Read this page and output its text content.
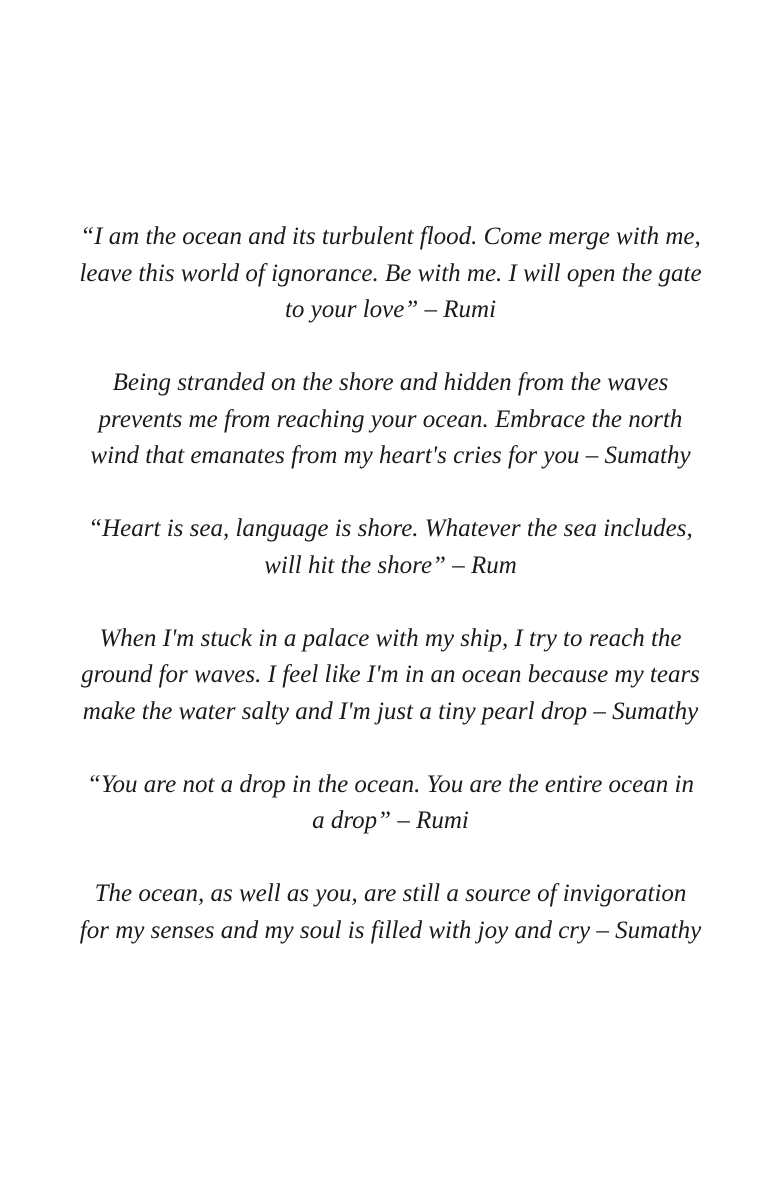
“I am the ocean and its turbulent flood. Come merge with me,
leave this world of ignorance. Be with me. I will open the gate
to your love” – Rumi
Being stranded on the shore and hidden from the waves
prevents me from reaching your ocean. Embrace the north
wind that emanates from my heart's cries for you – Sumathy
“Heart is sea, language is shore. Whatever the sea includes,
will hit the shore” – Rum
When I'm stuck in a palace with my ship, I try to reach the
ground for waves. I feel like I'm in an ocean because my tears
make the water salty and I'm just a tiny pearl drop – Sumathy
“You are not a drop in the ocean. You are the entire ocean in
a drop” – Rumi
The ocean, as well as you, are still a source of invigoration
for my senses and my soul is filled with joy and cry – Sumathy
